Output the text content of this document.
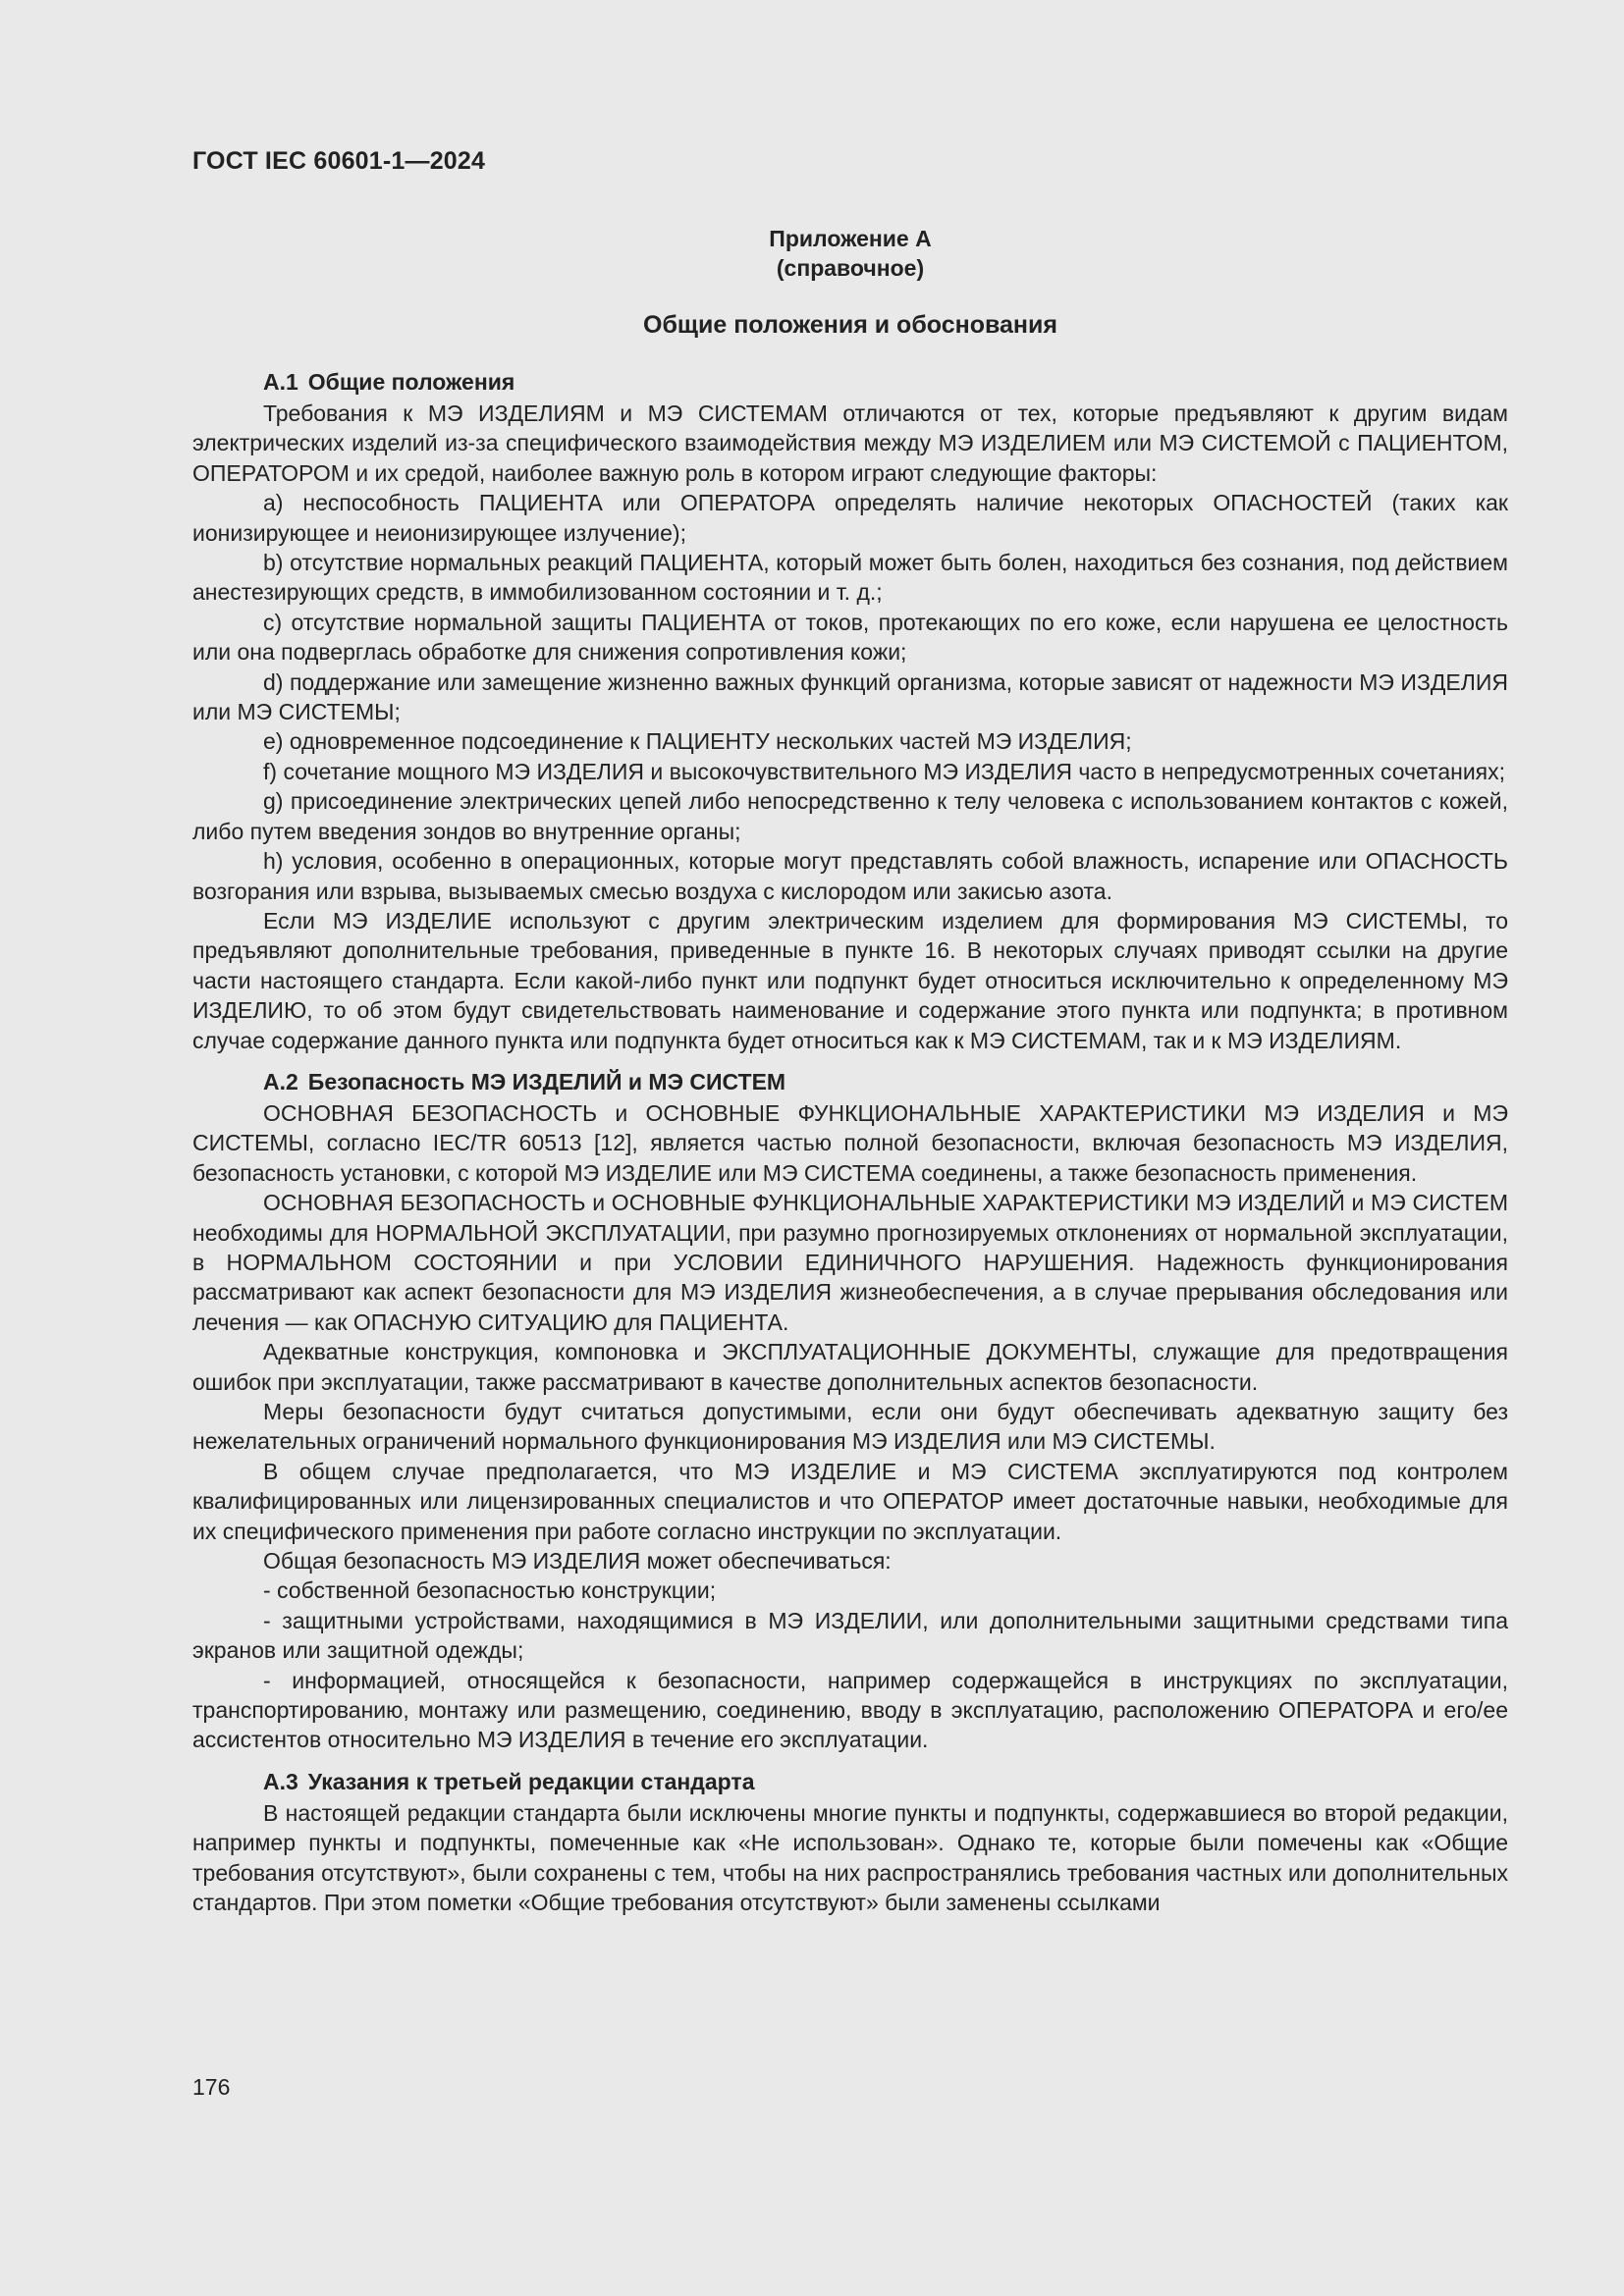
ГОСТ IEC 60601-1—2024

Приложение А

(справочное)

Общие положения и обоснования

А.1 Общие положения

Требования к МЭ ИЗДЕЛИЯМ и МЭ СИСТЕМАМ отличаются от тех, которые предъявляют к другим видам электрических изделий из-за специфического взаимодействия между МЭ ИЗДЕЛИЕМ или МЭ СИСТЕМОЙ с ПАЦИЕНТОМ, ОПЕРАТОРОМ и их средой, наиболее важную роль в котором играют следующие факторы:

a) неспособность ПАЦИЕНТА или ОПЕРАТОРА определять наличие некоторых ОПАСНОСТЕЙ (таких как ионизирующее и неионизирующее излучение);

b) отсутствие нормальных реакций ПАЦИЕНТА, который может быть болен, находиться без сознания, под действием анестезирующих средств, в иммобилизованном состоянии и т. д.;

c) отсутствие нормальной защиты ПАЦИЕНТА от токов, протекающих по его коже, если нарушена ее целостность или она подверглась обработке для снижения сопротивления кожи;

d) поддержание или замещение жизненно важных функций организма, которые зависят от надежности МЭ ИЗДЕЛИЯ или МЭ СИСТЕМЫ;

e) одновременное подсоединение к ПАЦИЕНТУ нескольких частей МЭ ИЗДЕЛИЯ;

f) сочетание мощного МЭ ИЗДЕЛИЯ и высокочувствительного МЭ ИЗДЕЛИЯ часто в непредусмотренных сочетаниях;

g) присоединение электрических цепей либо непосредственно к телу человека с использованием контактов с кожей, либо путем введения зондов во внутренние органы;

h) условия, особенно в операционных, которые могут представлять собой влажность, испарение или ОПАСНОСТЬ возгорания или взрыва, вызываемых смесью воздуха с кислородом или закисью азота.

Если МЭ ИЗДЕЛИЕ используют с другим электрическим изделием для формирования МЭ СИСТЕМЫ, то предъявляют дополнительные требования, приведенные в пункте 16. В некоторых случаях приводят ссылки на другие части настоящего стандарта. Если какой-либо пункт или подпункт будет относиться исключительно к определенному МЭ ИЗДЕЛИЮ, то об этом будут свидетельствовать наименование и содержание этого пункта или подпункта; в противном случае содержание данного пункта или подпункта будет относиться как к МЭ СИСТЕМАМ, так и к МЭ ИЗДЕЛИЯМ.

А.2 Безопасность МЭ ИЗДЕЛИЙ и МЭ СИСТЕМ

ОСНОВНАЯ БЕЗОПАСНОСТЬ и ОСНОВНЫЕ ФУНКЦИОНАЛЬНЫЕ ХАРАКТЕРИСТИКИ МЭ ИЗДЕЛИЯ и МЭ СИСТЕМЫ, согласно IEC/TR 60513 [12], является частью полной безопасности, включая безопасность МЭ ИЗДЕЛИЯ, безопасность установки, с которой МЭ ИЗДЕЛИЕ или МЭ СИСТЕМА соединены, а также безопасность применения.

ОСНОВНАЯ БЕЗОПАСНОСТЬ и ОСНОВНЫЕ ФУНКЦИОНАЛЬНЫЕ ХАРАКТЕРИСТИКИ МЭ ИЗДЕЛИЙ и МЭ СИСТЕМ необходимы для НОРМАЛЬНОЙ ЭКСПЛУАТАЦИИ, при разумно прогнозируемых отклонениях от нормальной эксплуатации, в НОРМАЛЬНОМ СОСТОЯНИИ и при УСЛОВИИ ЕДИНИЧНОГО НАРУШЕНИЯ. Надежность функционирования рассматривают как аспект безопасности для МЭ ИЗДЕЛИЯ жизнеобеспечения, а в случае прерывания обследования или лечения — как ОПАСНУЮ СИТУАЦИЮ для ПАЦИЕНТА.

Адекватные конструкция, компоновка и ЭКСПЛУАТАЦИОННЫЕ ДОКУМЕНТЫ, служащие для предотвращения ошибок при эксплуатации, также рассматривают в качестве дополнительных аспектов безопасности.

Меры безопасности будут считаться допустимыми, если они будут обеспечивать адекватную защиту без нежелательных ограничений нормального функционирования МЭ ИЗДЕЛИЯ или МЭ СИСТЕМЫ.

В общем случае предполагается, что МЭ ИЗДЕЛИЕ и МЭ СИСТЕМА эксплуатируются под контролем квалифицированных или лицензированных специалистов и что ОПЕРАТОР имеет достаточные навыки, необходимые для их специфического применения при работе согласно инструкции по эксплуатации.

Общая безопасность МЭ ИЗДЕЛИЯ может обеспечиваться:

- собственной безопасностью конструкции;

- защитными устройствами, находящимися в МЭ ИЗДЕЛИИ, или дополнительными защитными средствами типа экранов или защитной одежды;

- информацией, относящейся к безопасности, например содержащейся в инструкциях по эксплуатации, транспортированию, монтажу или размещению, соединению, вводу в эксплуатацию, расположению ОПЕРАТОРА и его/ее ассистентов относительно МЭ ИЗДЕЛИЯ в течение его эксплуатации.

А.3 Указания к третьей редакции стандарта

В настоящей редакции стандарта были исключены многие пункты и подпункты, содержавшиеся во второй редакции, например пункты и подпункты, помеченные как «Не использован». Однако те, которые были помечены как «Общие требования отсутствуют», были сохранены с тем, чтобы на них распространялись требования частных или дополнительных стандартов. При этом пометки «Общие требования отсутствуют» были заменены ссылками

176
